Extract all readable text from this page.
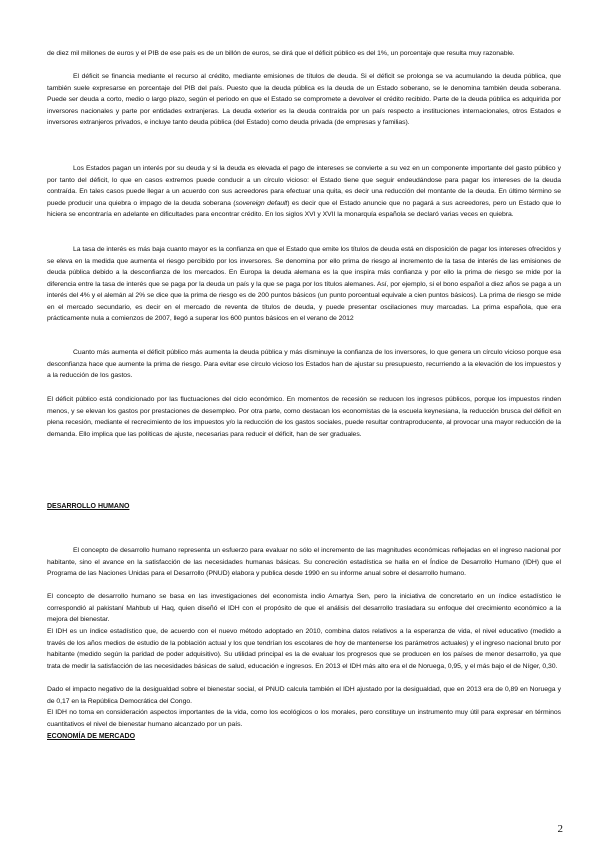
de diez mil millones de euros y el PIB de ese país es de un billón de euros, se dirá que el déficit público es del 1%, un porcentaje que resulta muy razonable.

El déficit se financia mediante el recurso al crédito, mediante emisiones de títulos de deuda. Si el déficit se prolonga se va acumulando la deuda pública, que también suele expresarse en porcentaje del PIB del país. Puesto que la deuda pública es la deuda de un Estado soberano, se le denomina también deuda soberana. Puede ser deuda a corto, medio o largo plazo, según el periodo en que el Estado se compromete a devolver el crédito recibido. Parte de la deuda pública es adquirida por inversores nacionales y parte por entidades extranjeras. La deuda exterior es la deuda contraída por un país respecto a instituciones internacionales, otros Estados e inversores extranjeros privados, e incluye tanto deuda pública (del Estado) como deuda privada (de empresas y familias).

Los Estados pagan un interés por su deuda y si la deuda es elevada el pago de intereses se convierte a su vez en un componente importante del gasto público y por tanto del déficit, lo que en casos extremos puede conducir a un círculo vicioso: el Estado tiene que seguir endeudándose para pagar los intereses de la deuda contraída. En tales casos puede llegar a un acuerdo con sus acreedores para efectuar una quita, es decir una reducción del montante de la deuda. En último término se puede producir una quiebra o impago de la deuda soberana (sovereign default) es decir que el Estado anuncie que no pagará a sus acreedores, pero un Estado que lo hiciera se encontraría en adelante en dificultades para encontrar crédito. En los siglos XVI y XVII la monarquía española se declaró varias veces en quiebra.

La tasa de interés es más baja cuanto mayor es la confianza en que el Estado que emite los títulos de deuda está en disposición de pagar los intereses ofrecidos y se eleva en la medida que aumenta el riesgo percibido por los inversores. Se denomina por ello prima de riesgo al incremento de la tasa de interés de las emisiones de deuda pública debido a la desconfianza de los mercados. En Europa la deuda alemana es la que inspira más confianza y por ello la prima de riesgo se mide por la diferencia entre la tasa de interés que se paga por la deuda un país y la que se paga por los títulos alemanes. Así, por ejemplo, si el bono español a diez años se paga a un interés del 4% y el alemán al 2% se dice que la prima de riesgo es de 200 puntos básicos (un punto porcentual equivale a cien puntos básicos). La prima de riesgo se mide en el mercado secundario, es decir en el mercado de reventa de títulos de deuda, y puede presentar oscilaciones muy marcadas. La prima española, que era prácticamente nula a comienzos de 2007, llegó a superar los 600 puntos básicos en el verano de 2012

Cuanto más aumenta el déficit público más aumenta la deuda pública y más disminuye la confianza de los inversores, lo que genera un círculo vicioso porque esa desconfianza hace que aumente la prima de riesgo. Para evitar ese círculo vicioso los Estados han de ajustar su presupuesto, recurriendo a la elevación de los impuestos y a la reducción de los gastos.

El déficit público está condicionado por las fluctuaciones del ciclo económico. En momentos de recesión se reducen los ingresos públicos, porque los impuestos rinden menos, y se elevan los gastos por prestaciones de desempleo. Por otra parte, como destacan los economistas de la escuela keynesiana, la reducción brusca del déficit en plena recesión, mediante el recrecimiento de los impuestos y/o la reducción de los gastos sociales, puede resultar contraproducente, al provocar una mayor reducción de la demanda. Ello implica que las políticas de ajuste, necesarias para reducir el déficit, han de ser graduales.

DESARROLLO HUMANO

El concepto de desarrollo humano representa un esfuerzo para evaluar no sólo el incremento de las magnitudes económicas reflejadas en el ingreso nacional por habitante, sino el avance en la satisfacción de las necesidades humanas básicas. Su concreción estadística se halla en el Índice de Desarrollo Humano (IDH) que el Programa de las Naciones Unidas para el Desarrollo (PNUD) elabora y publica desde 1990 en su informe anual sobre el desarrollo humano.

El concepto de desarrollo humano se basa en las investigaciones del economista indio Amartya Sen, pero la iniciativa de concretarlo en un índice estadístico le correspondió al pakistaní Mahbub ul Haq, quien diseñó el IDH con el propósito de que el análisis del desarrollo trasladara su enfoque del crecimiento económico a la mejora del bienestar.

El IDH es un índice estadístico que, de acuerdo con el nuevo método adoptado en 2010, combina datos relativos a la esperanza de vida, el nivel educativo (medido a través de los años medios de estudio de la población actual y los que tendrían los escolares de hoy de mantenerse los parámetros actuales) y el ingreso nacional bruto por habitante (medido según la paridad de poder adquisitivo). Su utilidad principal es la de evaluar los progresos que se producen en los países de menor desarrollo, ya que trata de medir la satisfacción de las necesidades básicas de salud, educación e ingresos. En 2013 el IDH más alto era el de Noruega, 0,95, y el más bajo el de Níger, 0,30.

Dado el impacto negativo de la desigualdad sobre el bienestar social, el PNUD calcula también el IDH ajustado por la desigualdad, que en 2013 era de 0,89 en Noruega y de 0,17 en la República Democrática del Congo.

El IDH no toma en consideración aspectos importantes de la vida, como los ecológicos o los morales, pero constituye un instrumento muy útil para expresar en términos cuantitativos el nivel de bienestar humano alcanzado por un país.

ECONOMÍA DE MERCADO

2
